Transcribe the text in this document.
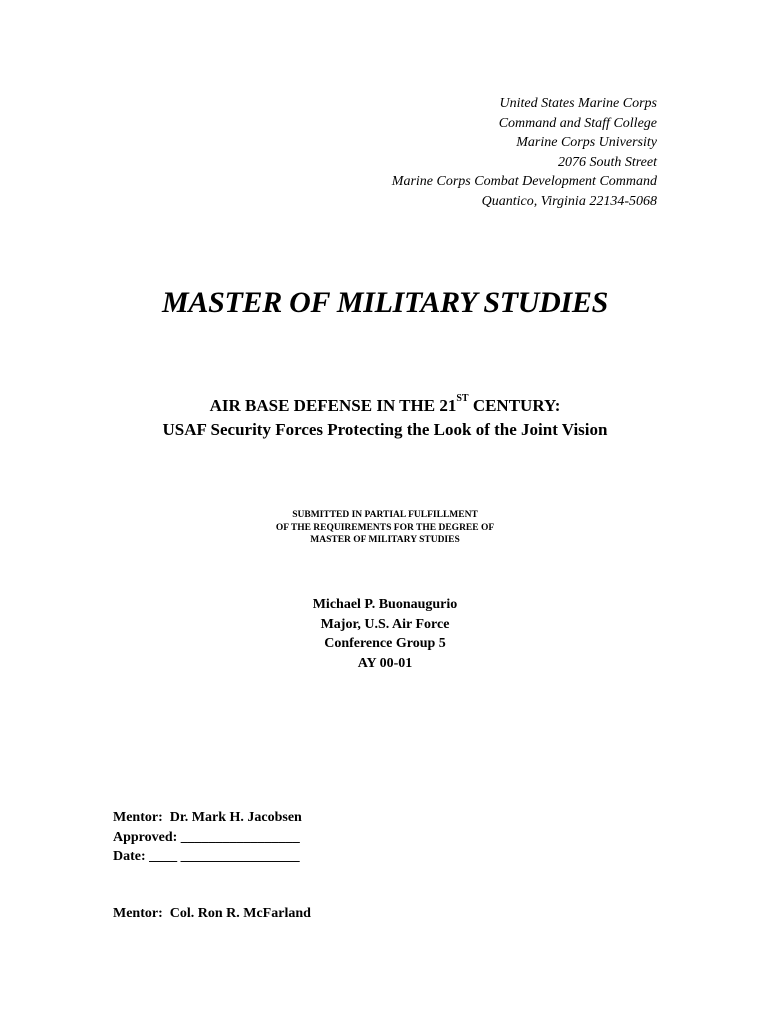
United States Marine Corps
Command and Staff College
Marine Corps University
2076 South Street
Marine Corps Combat Development Command
Quantico, Virginia 22134-5068
MASTER OF MILITARY STUDIES
AIR BASE DEFENSE IN THE 21ST CENTURY:
USAF Security Forces Protecting the Look of the Joint Vision
SUBMITTED IN PARTIAL FULFILLMENT
OF THE REQUIREMENTS FOR THE DEGREE OF
MASTER OF MILITARY STUDIES
Michael P. Buonaugurio
Major, U.S. Air Force
Conference Group 5
AY 00-01
Mentor:  Dr. Mark H. Jacobsen
Approved: _________________
Date: ____ _________________
Mentor:  Col. Ron R. McFarland
